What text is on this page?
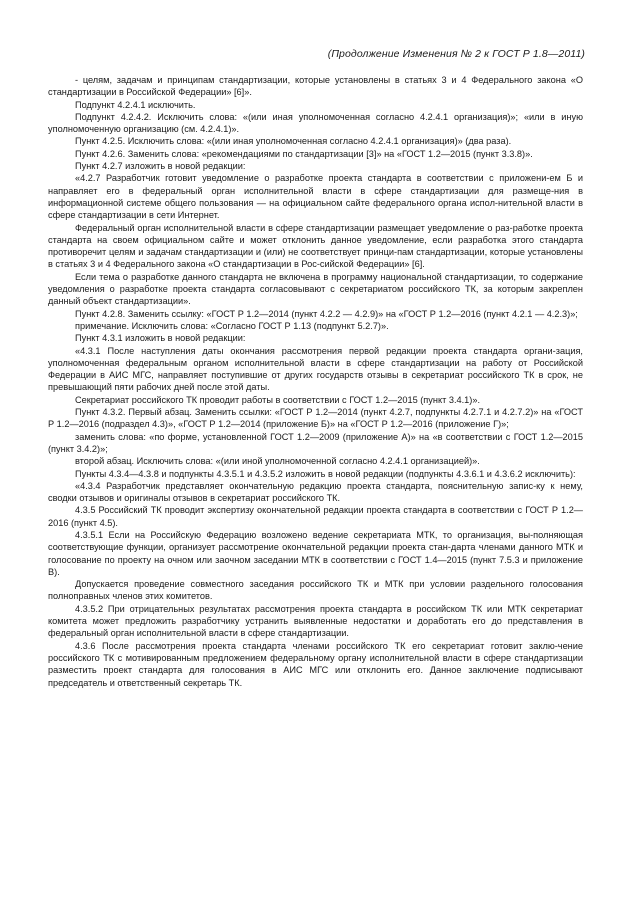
(Продолжение Изменения № 2 к ГОСТ Р 1.8—2011)

- целям, задачам и принципам стандартизации, которые установлены в статьях 3 и 4 Федерального закона «О стандартизации в Российской Федерации» [6]».

Подпункт 4.2.4.1 исключить.

Подпункт 4.2.4.2. Исключить слова: «(или иная уполномоченная согласно 4.2.4.1 организация)»; «или в иную уполномоченную организацию (см. 4.2.4.1)».

Пункт 4.2.5. Исключить слова: «(или иная уполномоченная согласно 4.2.4.1 организация)» (два раза).

Пункт 4.2.6. Заменить слова: «рекомендациями по стандартизации [3]» на «ГОСТ 1.2—2015 (пункт 3.3.8)».

Пункт 4.2.7 изложить в новой редакции:

«4.2.7 Разработчик готовит уведомление о разработке проекта стандарта в соответствии с приложени-ем Б и направляет его в федеральный орган исполнительной власти в сфере стандартизации для размеще-ния в информационной системе общего пользования — на официальном сайте федерального органа испол-нительной власти в сфере стандартизации в сети Интернет.

Федеральный орган исполнительной власти в сфере стандартизации размещает уведомление о раз-работке проекта стандарта на своем официальном сайте и может отклонить данное уведомление, если разработка этого стандарта противоречит целям и задачам стандартизации и (или) не соответствует принци-пам стандартизации, которые установлены в статьях 3 и 4 Федерального закона «О стандартизации в Рос-сийской Федерации» [6].

Если тема о разработке данного стандарта не включена в программу национальной стандартизации, то содержание уведомления о разработке проекта стандарта согласовывают с секретариатом российского ТК, за которым закреплен данный объект стандартизации».

Пункт 4.2.8. Заменить ссылку: «ГОСТ Р 1.2—2014 (пункт 4.2.2 — 4.2.9)» на «ГОСТ Р 1.2—2016 (пункт 4.2.1 — 4.2.3)»;

примечание. Исключить слова: «Согласно ГОСТ Р 1.13 (подпункт 5.2.7)».

Пункт 4.3.1 изложить в новой редакции:

«4.3.1 После наступления даты окончания рассмотрения первой редакции проекта стандарта органи-зация, уполномоченная федеральным органом исполнительной власти в сфере стандартизации на работу от Российской Федерации в АИС МГС, направляет поступившие от других государств отзывы в секретариат российского ТК в срок, не превышающий пяти рабочих дней после этой даты.

Секретариат российского ТК проводит работы в соответствии с ГОСТ 1.2—2015 (пункт 3.4.1)».

Пункт 4.3.2. Первый абзац. Заменить ссылки: «ГОСТ Р 1.2—2014 (пункт 4.2.7, подпункты 4.2.7.1 и 4.2.7.2)» на «ГОСТ Р 1.2—2016 (подраздел 4.3)», «ГОСТ Р 1.2—2014 (приложение Б)» на «ГОСТ Р 1.2—2016 (приложение Г)»;

заменить слова: «по форме, установленной ГОСТ 1.2—2009 (приложение А)» на «в соответствии с ГОСТ 1.2—2015 (пункт 3.4.2)»;

второй абзац. Исключить слова: «(или иной уполномоченной согласно 4.2.4.1 организацией)».

Пункты 4.3.4—4.3.8 и подпункты 4.3.5.1 и 4.3.5.2 изложить в новой редакции (подпункты 4.3.6.1 и 4.3.6.2 исключить):

«4.3.4 Разработчик представляет окончательную редакцию проекта стандарта, пояснительную запис-ку к нему, сводки отзывов и оригиналы отзывов в секретариат российского ТК.

4.3.5 Российский ТК проводит экспертизу окончательной редакции проекта стандарта в соответствии с ГОСТ Р 1.2—2016 (пункт 4.5).

4.3.5.1 Если на Российскую Федерацию возложено ведение секретариата МТК, то организация, вы-полняющая соответствующие функции, организует рассмотрение окончательной редакции проекта стан-дарта членами данного МТК и голосование по проекту на очном или заочном заседании МТК в соответствии с ГОСТ 1.4—2015 (пункт 7.5.3 и приложение В).

Допускается проведение совместного заседания российского ТК и МТК при условии раздельного голосования полноправных членов этих комитетов.

4.3.5.2 При отрицательных результатах рассмотрения проекта стандарта в российском ТК или МТК секретариат комитета может предложить разработчику устранить выявленные недостатки и доработать его до представления в федеральный орган исполнительной власти в сфере стандартизации.

4.3.6 После рассмотрения проекта стандарта членами российского ТК его секретариат готовит заклю-чение российского ТК с мотивированным предложением федеральному органу исполнительной власти в сфере стандартизации разместить проект стандарта для голосования в АИС МГС или отклонить его. Данное заключение подписывают председатель и ответственный секретарь ТК.
